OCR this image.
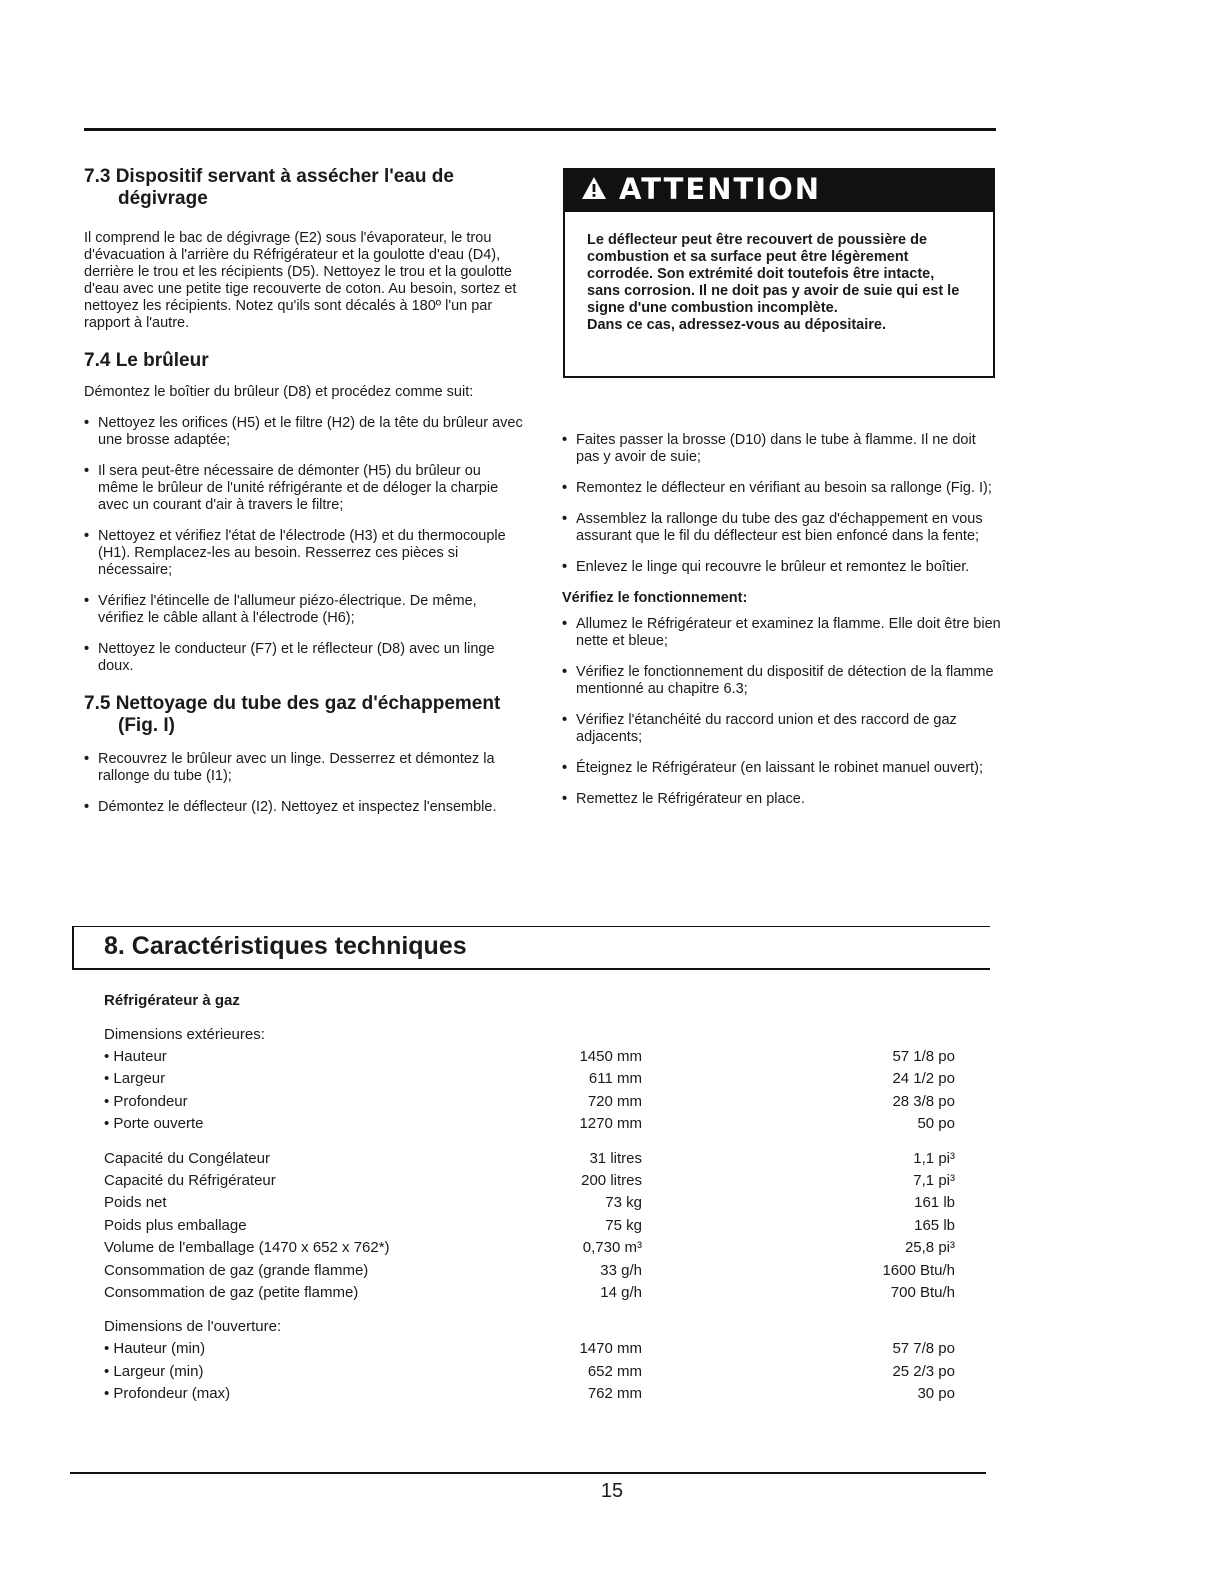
7.3 Dispositif servant à assécher l'eau de
dégivrage

Il comprend le bac de dégivrage (E2) sous l'évaporateur, le trou d'évacuation à l'arrière du Réfrigérateur et la goulotte d'eau (D4), derrière le trou et les récipients (D5). Nettoyez le trou et la goulotte d'eau avec une petite tige recouverte de coton. Au besoin, sortez et nettoyez les récipients. Notez qu'ils sont décalés à 180º l'un par rapport à l'autre.

7.4 Le brûleur

Démontez le boîtier du brûleur (D8) et procédez comme suit:

• Nettoyez les orifices (H5) et le filtre (H2) de la tête du brûleur avec une brosse adaptée;
• Il sera peut-être nécessaire de démonter (H5) du brûleur ou même le brûleur de l'unité réfrigérante et de déloger la charpie avec un courant d'air à travers le filtre;
• Nettoyez et vérifiez l'état de l'électrode (H3) et du thermocouple (H1). Remplacez-les au besoin. Resserrez ces pièces si nécessaire;
• Vérifiez l'étincelle de l'allumeur piézo-électrique. De même, vérifiez le câble allant à l'électrode (H6);
• Nettoyez le conducteur (F7) et le réflecteur (D8) avec un linge doux.
7.5 Nettoyage du tube des gaz d'échappement
(Fig. I)
• Recouvrez le brûleur avec un linge. Desserrez et démontez la rallonge du tube (I1);
• Démontez le déflecteur (I2). Nettoyez et inspectez l'ensemble.
ATTENTION

Le déflecteur peut être recouvert de poussière de combustion et sa surface peut être légèrement corrodée. Son extrémité doit toutefois être intacte, sans corrosion. Il ne doit pas y avoir de suie qui est le signe d'une combustion incomplète.

Dans ce cas, adressez-vous au dépositaire.

• Faites passer la brosse (D10) dans le tube à flamme. Il ne doit pas y avoir de suie;
• Remontez le déflecteur en vérifiant au besoin sa rallonge (Fig. I);
• Assemblez la rallonge du tube des gaz d'échappement en vous assurant que le fil du déflecteur est bien enfoncé dans la fente;
• Enlevez le linge qui recouvre le brûleur et remontez le boîtier.
Vérifiez le fonctionnement:
• Allumez le Réfrigérateur et examinez la flamme. Elle doit être bien nette et bleue;
• Vérifiez le fonctionnement du dispositif de détection de la flamme mentionné au chapitre 6.3;
• Vérifiez l'étanchéité du raccord union et des raccord de gaz adjacents;
• Éteignez le Réfrigérateur (en laissant le robinet manuel ouvert);
• Remettez le Réfrigérateur en place.
8. Caractéristiques techniques
Réfrigérateur à gaz
Dimensions extérieures:
• Hauteur	1450 mm	57 1/8 po
• Largeur	611 mm	24 1/2 po
• Profondeur	720 mm	28 3/8 po
• Porte ouverte	1270 mm	50 po
Capacité du Congélateur	31 litres	1,1 pi³
Capacité du Réfrigérateur	200 litres	7,1 pi³
Poids net	73 kg	161 lb
Poids plus emballage	75 kg	165 lb
Volume de l'emballage (1470 x 652 x 762*)	0,730 m³	25,8 pi³
Consommation de gaz (grande flamme)	33 g/h	1600 Btu/h
Consommation de gaz (petite flamme)	14 g/h	700 Btu/h
Dimensions de l'ouverture:
• Hauteur (min)	1470 mm	57 7/8 po
• Largeur (min)	652 mm	25 2/3 po
• Profondeur (max)	762 mm	30 po
15
